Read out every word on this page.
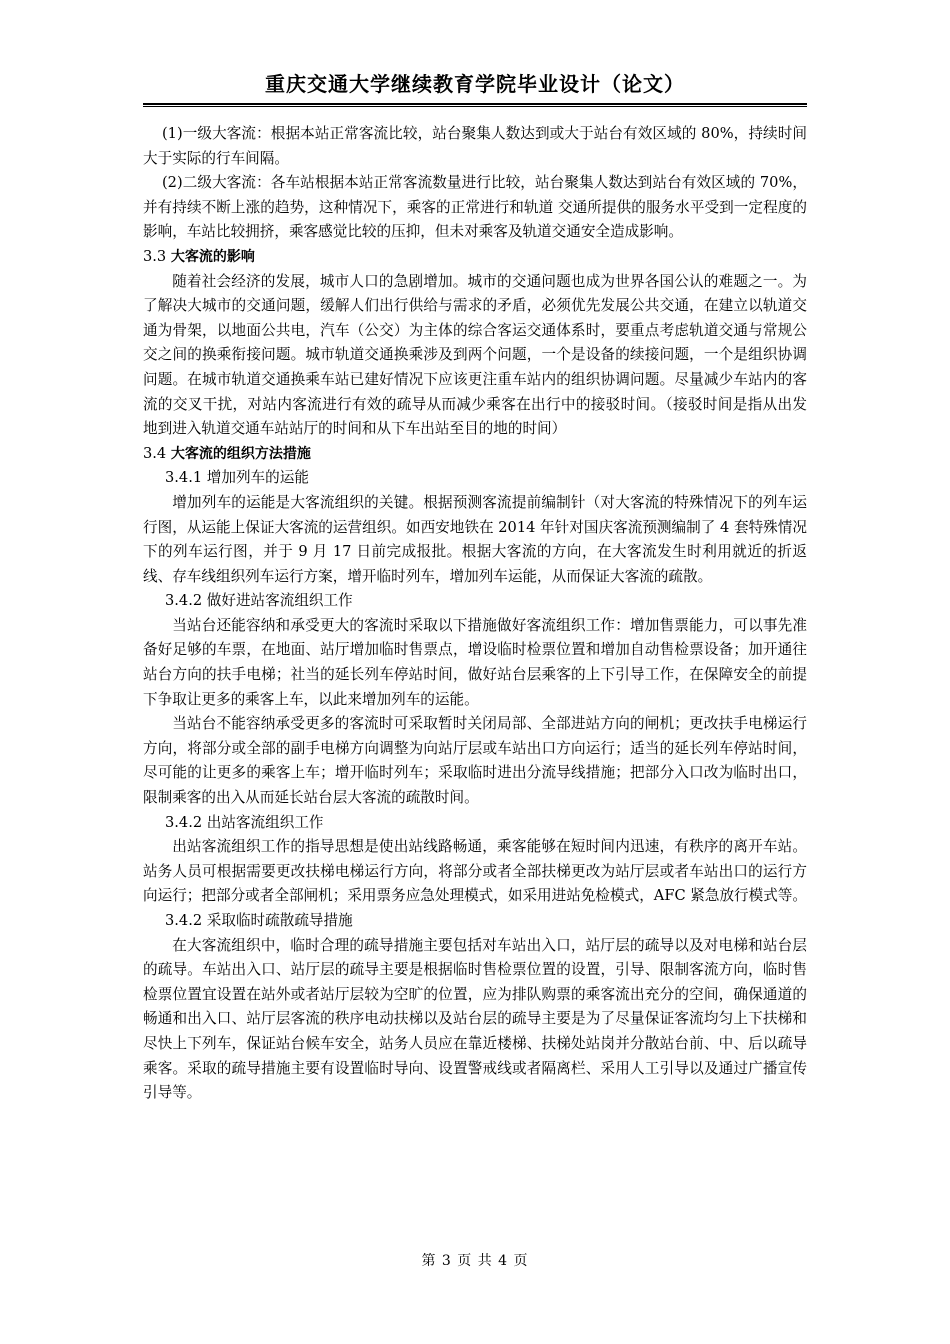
重庆交通大学继续教育学院毕业设计（论文）

(1)一级大客流：根据本站正常客流比较，站台聚集人数达到或大于站台有效区域的 80%，持续时间 大于实际的行车间隔。

(2)二级大客流：各车站根据本站正常客流数量进行比较，站台聚集人数达到站台有效区域的 70%，并有持续不断上涨的趋势，这种情况下，乘客的正常进行和轨道 交通所提供的服务水平受到一定程度的影响，车站比较拥挤，乘客感觉比较的压抑，但未对乘客及轨道交通安全造成影响。

3.3 大客流的影响

随着社会经济的发展，城市人口的急剧增加。城市的交通问题也成为世界各国公认的难题之一。为了解决大城市的交通问题，缓解人们出行供给与需求的矛盾，必须优先发展公共交通，在建立以轨道交通为骨架，以地面公共电，汽车（公交）为主体的综合客运交通体系时，要重点考虑轨道交通与常规公交之间的换乘衔接问题。城市轨道交通换乘涉及到两个问题，一个是设备的续接问题，一个是组织协调问题。在城市轨道交通换乘车站已建好情况下应该更注重车站内的组织协调问题。尽量减少车站内的客流的交叉干扰，对站内客流进行有效的疏导从而减少乘客在出行中的接驳时间。（接驳时间是指从出发地到进入轨道交通车站站厅的时间和从下车出站至目的地的时间）

3.4 大客流的组织方法措施

3.4.1 增加列车的运能

增加列车的运能是大客流组织的关键。根据预测客流提前编制针（对大客流的特殊情况下的列车运行图，从运能上保证大客流的运营组织。如西安地铁在 2014 年针对国庆客流预测编制了 4 套特殊情况下的列车运行图，并于 9 月 17 日前完成报批。根据大客流的方向，在大客流发生时利用就近的折返线、存车线组织列车运行方案，增开临时列车，增加列车运能，从而保证大客流的疏散。

3.4.2 做好进站客流组织工作

当站台还能容纳和承受更大的客流时采取以下措施做好客流组织工作：增加售票能力，可以事先准备好足够的车票，在地面、站厅增加临时售票点，增设临时检票位置和增加自动售检票设备；加开通往站台方向的扶手电梯；社当的延长列车停站时间，做好站台层乘客的上下引导工作，在保障安全的前提下争取让更多的乘客上车，以此来增加列车的运能。

当站台不能容纳承受更多的客流时可采取暂时关闭局部、全部进站方向的闸机；更改扶手电梯运行方向，将部分或全部的副手电梯方向调整为向站厅层或车站出口方向运行；适当的延长列车停站时间，尽可能的让更多的乘客上车；增开临时列车；采取临时进出分流导线措施；把部分入口改为临时出口，限制乘客的出入从而延长站台层大客流的疏散时间。

3.4.2 出站客流组织工作

出站客流组织工作的指导思想是使出站线路畅通，乘客能够在短时间内迅速，有秩序的离开车站。站务人员可根据需要更改扶梯电梯运行方向，将部分或者全部扶梯更改为站厅层或者车站出口的运行方向运行；把部分或者全部闸机；采用票务应急处理模式，如采用进站免检模式，AFC 紧急放行模式等。

3.4.2 采取临时疏散疏导措施

在大客流组织中，临时合理的疏导措施主要包括对车站出入口，站厅层的疏导以及对电梯和站台层的疏导。车站出入口、站厅层的疏导主要是根据临时售检票位置的设置，引导、限制客流方向，临时售检票位置宜设置在站外或者站厅层较为空旷的位置，应为排队购票的乘客流出充分的空间，确保通道的畅通和出入口、站厅层客流的秩序电动扶梯以及站台层的疏导主要是为了尽量保证客流均匀上下扶梯和尽快上下列车，保证站台候车安全，站务人员应在靠近楼梯、扶梯处站岗并分散站台前、中、后以疏导乘客。采取的疏导措施主要有设置临时导向、设置警戒线或者隔离栏、采用人工引导以及通过广播宣传引导等。

第 3 页 共 4 页
